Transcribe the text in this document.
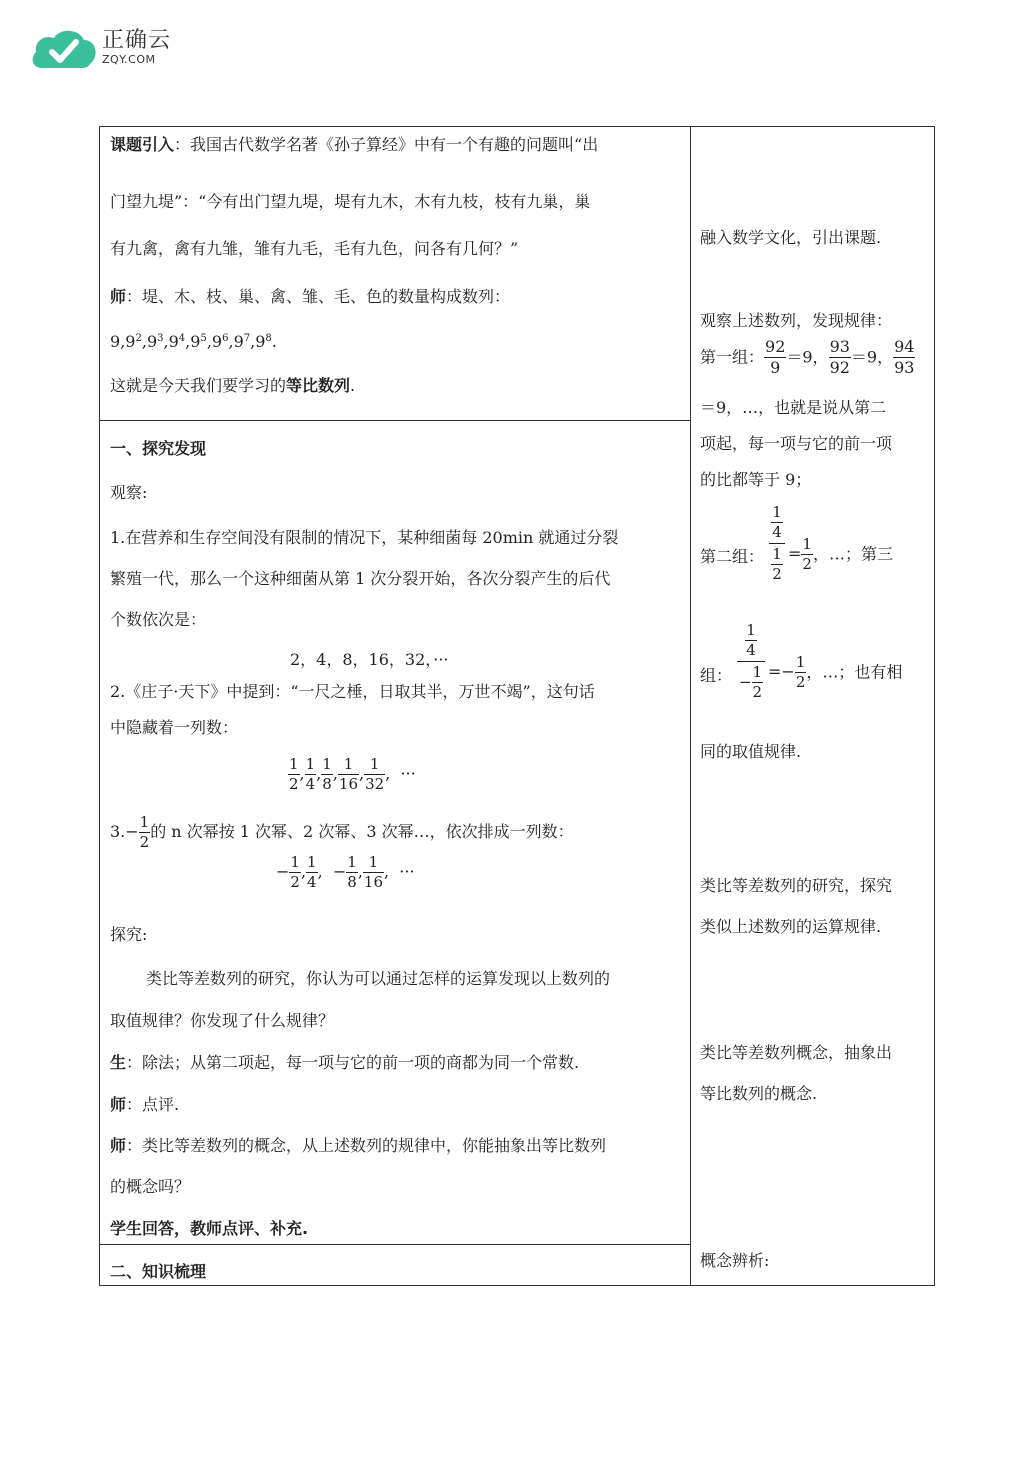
正确云
ZQY.COM
课题引入：我国古代数学名著《孙子算经》中有一个有趣的问题叫“出
门望九堤”：“今有出门望九堤，堤有九木，木有九枝，枝有九巢，巢
有九禽，禽有九雏，雏有九毛，毛有九色，问各有几何？”
师：堤、木、枝、巢、禽、雏、毛、色的数量构成数列：
$9,9^2,9^3,9^4,9^5,9^6,9^7,9^8$.
这就是今天我们要学习的等比数列.
一、探究发现
观察:
1.在营养和生存空间没有限制的情况下，某种细菌每 20min 就通过分裂
繁殖一代，那么一个这种细菌从第 1 次分裂开始，各次分裂产生的后代
个数依次是：
2，4，8，16，32，···
2.《庄子·天下》中提到：“一尺之棰，日取其半，万世不竭”，这句话
中隐藏着一列数：
$\frac{1}{2}$ , $\frac{1}{4}$ , $\frac{1}{8}$ , $\frac{1}{16}$ , $\frac{1}{32}$ ,  ···
$3.- \frac{1}{2}$ 的 n 次幂按 1 次幂、2 次幂、3 次幂…，依次排成一列数：
− $\frac{1}{2}$ , $\frac{1}{4}$ ,  − $\frac{1}{8}$ , $\frac{1}{16}$ ,  ···
探究:
类比等差数列的研究，你认为可以通过怎样的运算发现以上数列的
取值规律？你发现了什么规律？
生：除法；从第二项起，每一项与它的前一项的商都为同一个常数.
师：点评.
师：类比等差数列的概念，从上述数列的规律中，你能抽象出等比数列
的概念吗？
学生回答，教师点评、补充.
二、知识梳理
融入数学文化，引出课题.
观察上述数列，发现规律：
第一组： $\frac{92}{9} =9$， $\frac{93}{92} =9$， $\frac{94}{93}$
＝9，…，也就是说从第二
项起，每一项与它的前一项
的比都等于 9；
第二组：
$\frac{1}{4}$
$\frac{1}{2} = \frac{1}{2}$ ，…；第三
组：
$\frac{1}{4}$
− $\frac{1}{2} =- \frac{1}{2}$ ，…；也有相
同的取值规律.
类比等差数列的研究，探究
类似上述数列的运算规律.
类比等差数列概念，抽象出
等比数列的概念.
概念辨析:
